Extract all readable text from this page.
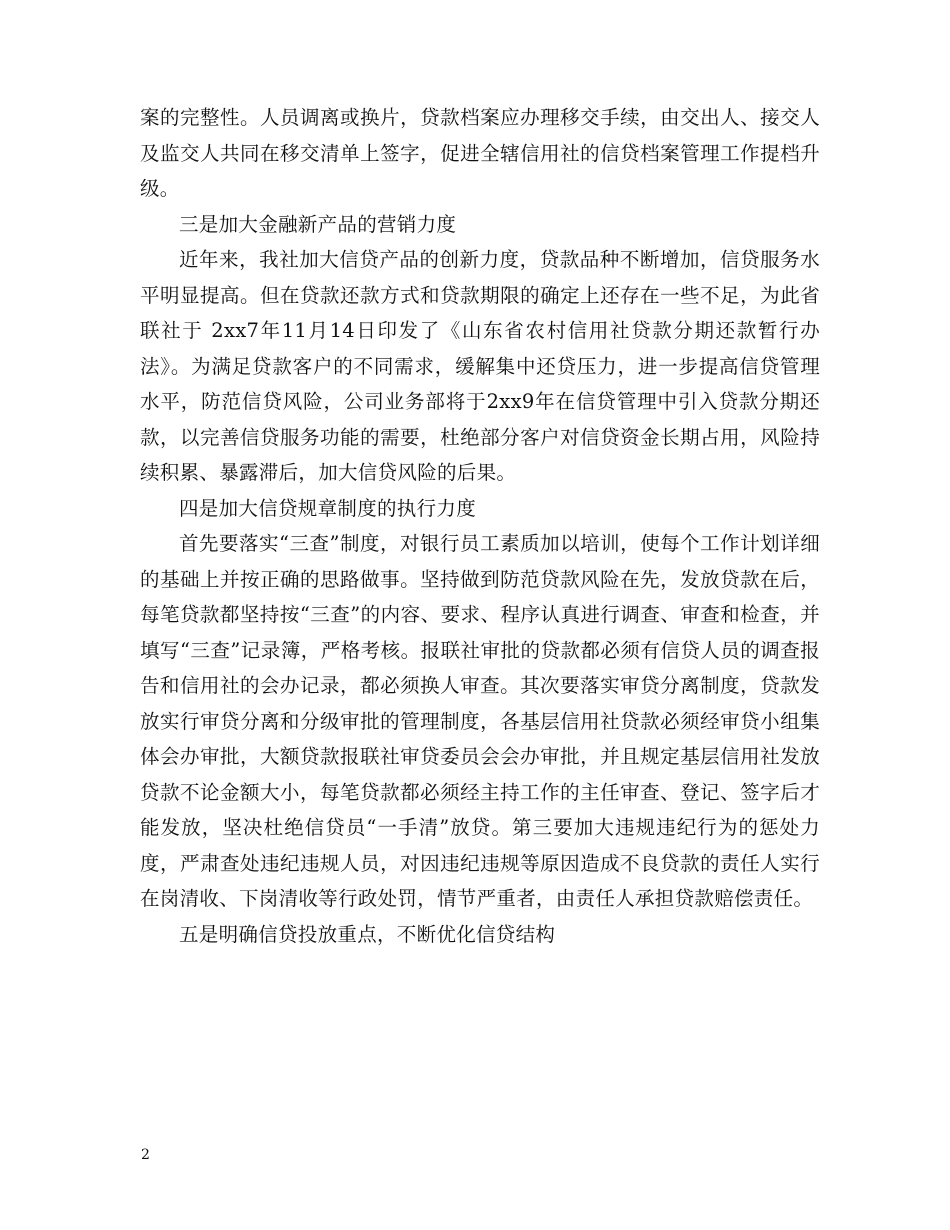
案的完整性。人员调离或换片，贷款档案应办理移交手续，由交出人、接交人及监交人共同在移交清单上签字，促进全辖信用社的信贷档案管理工作提档升级。

三是加大金融新产品的营销力度

近年来，我社加大信贷产品的创新力度，贷款品种不断增加，信贷服务水平明显提高。但在贷款还款方式和贷款期限的确定上还存在一些不足，为此省联社于 2xx7年11月14日印发了《山东省农村信用社贷款分期还款暂行办法》。为满足贷款客户的不同需求，缓解集中还贷压力，进一步提高信贷管理水平，防范信贷风险，公司业务部将于2xx9年在信贷管理中引入贷款分期还款，以完善信贷服务功能的需要，杜绝部分客户对信贷资金长期占用，风险持续积累、暴露滞后，加大信贷风险的后果。

四是加大信贷规章制度的执行力度

首先要落实“三查”制度，对银行员工素质加以培训，使每个工作计划详细的基础上并按正确的思路做事。坚持做到防范贷款风险在先，发放贷款在后，每笔贷款都坚持按“三查”的内容、要求、程序认真进行调查、审查和检查，并填写“三查”记录簿，严格考核。报联社审批的贷款都必须有信贷人员的调查报告和信用社的会办记录，都必须换人审查。其次要落实审贷分离制度，贷款发放实行审贷分离和分级审批的管理制度，各基层信用社贷款必须经审贷小组集体会办审批，大额贷款报联社审贷委员会会办审批，并且规定基层信用社发放贷款不论金额大小，每笔贷款都必须经主持工作的主任审查、登记、签字后才能发放，坚决杜绝信贷员“一手清”放贷。第三要加大违规违纪行为的惩处力度，严肃查处违纪违规人员，对因违纪违规等原因造成不良贷款的责任人实行在岗清收、下岗清收等行政处罚，情节严重者，由责任人承担贷款赔偿责任。

五是明确信贷投放重点，不断优化信贷结构

2
